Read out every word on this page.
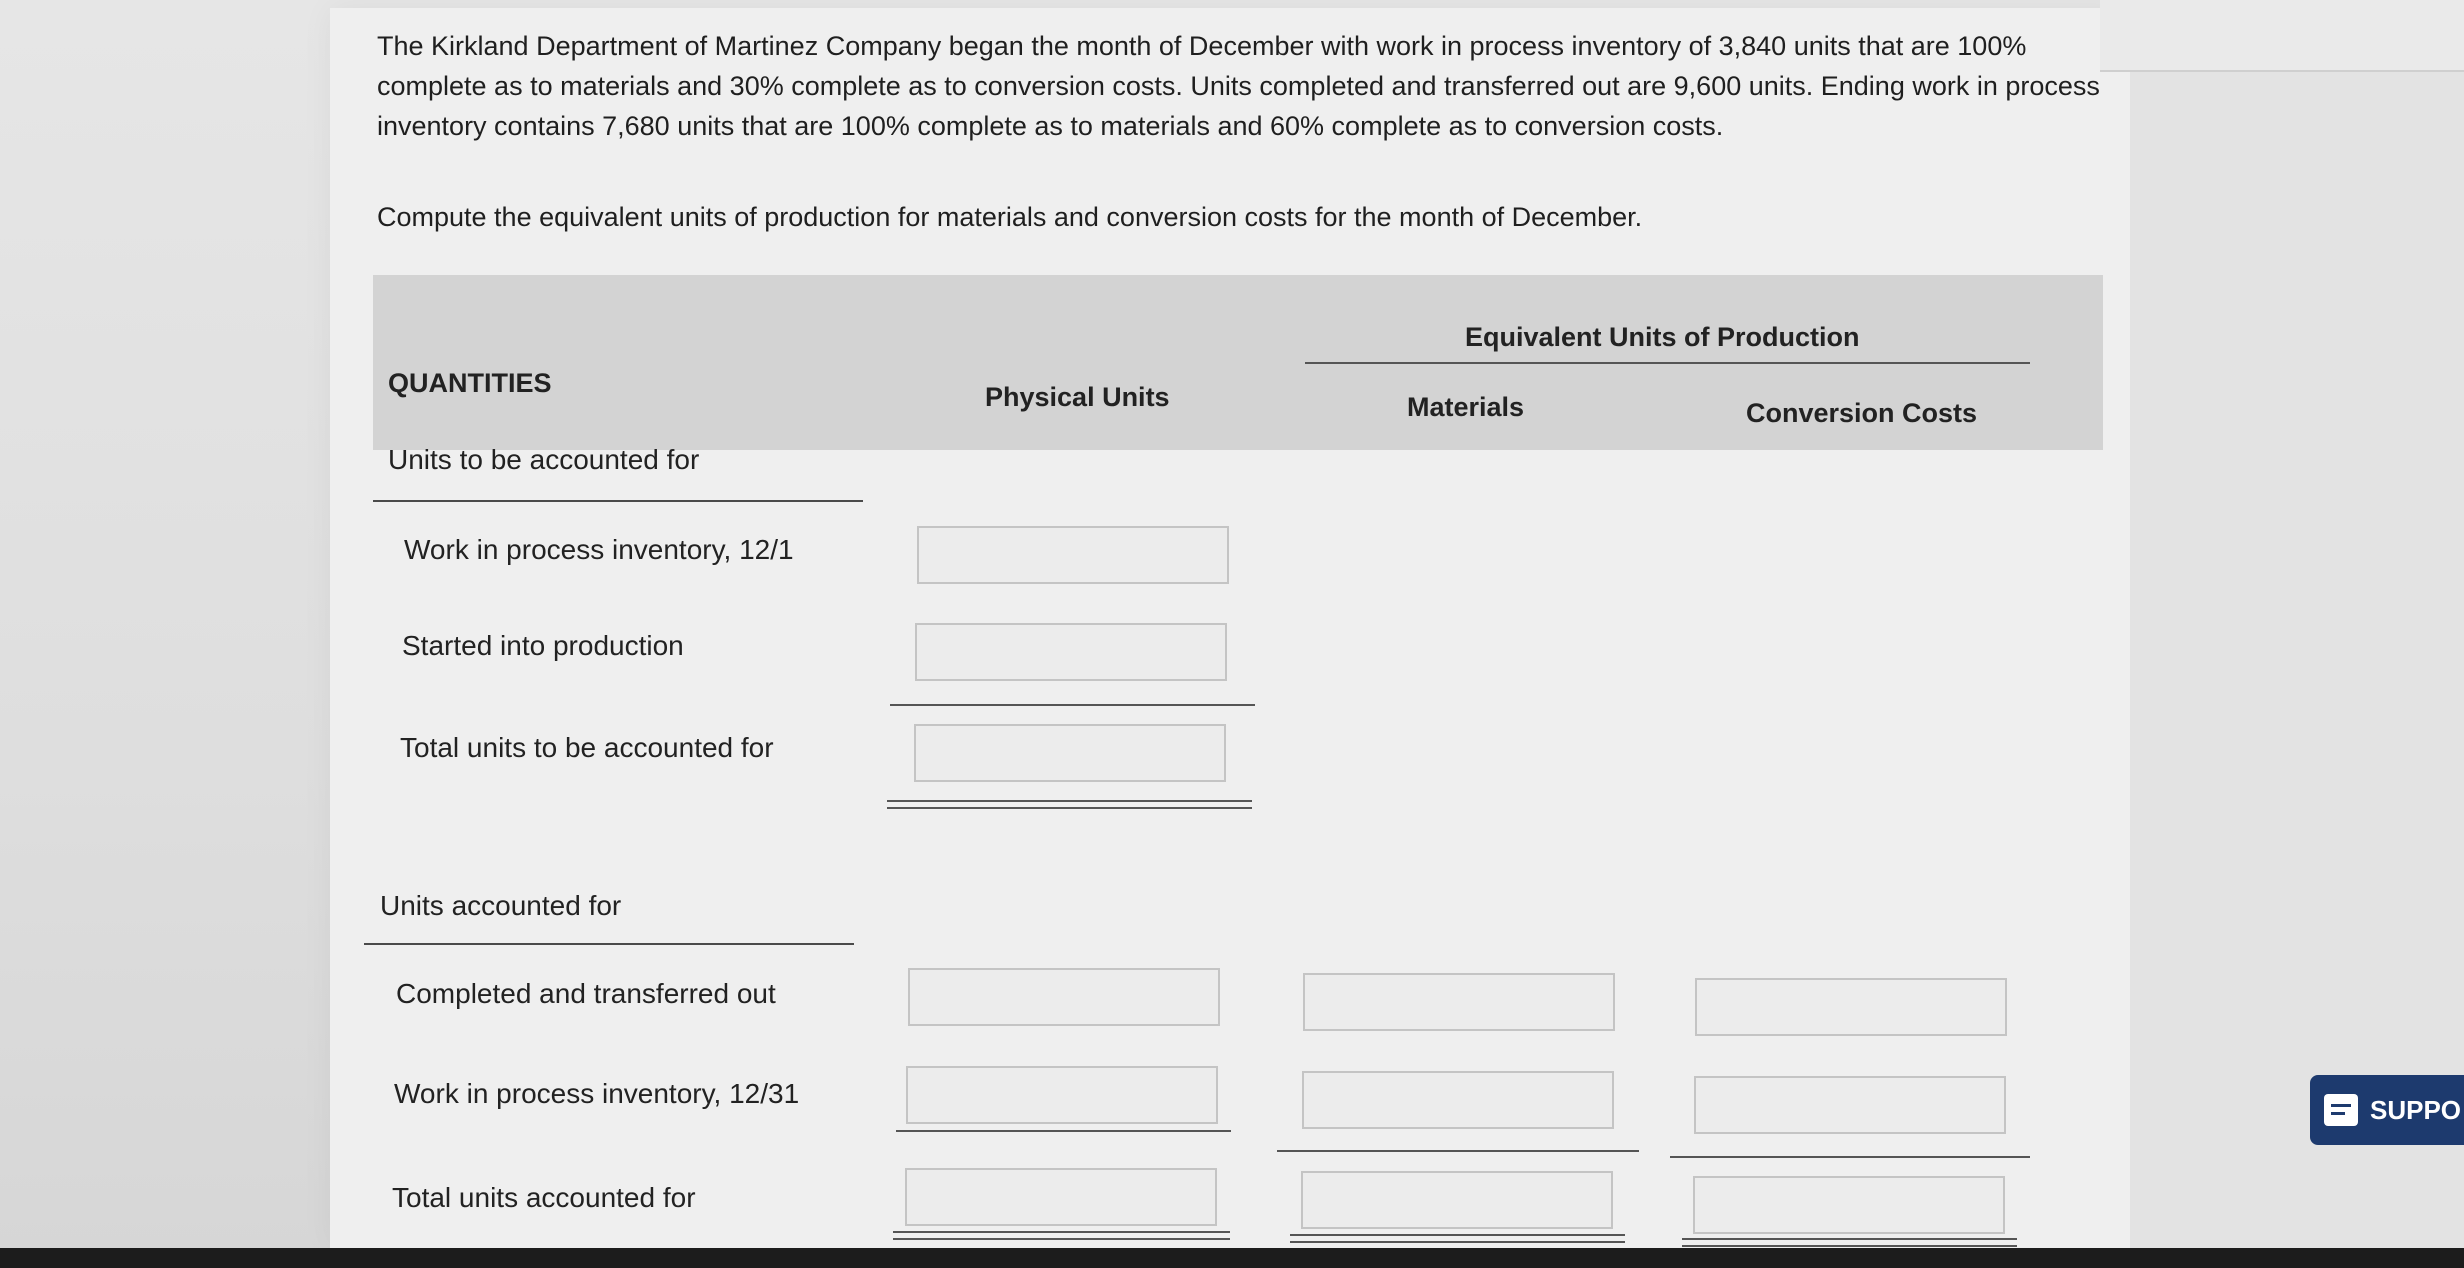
The Kirkland Department of Martinez Company began the month of December with work in process inventory of 3,840 units that are 100% complete as to materials and 30% complete as to conversion costs. Units completed and transferred out are 9,600 units. Ending work in process inventory contains 7,680 units that are 100% complete as to materials and 60% complete as to conversion costs.
Compute the equivalent units of production for materials and conversion costs for the month of December.
QUANTITIES	Physical Units
Equivalent Units of Production
Materials	Conversion Costs
Units to be accounted for
Work in process inventory, 12/1
Started into production
Total units to be accounted for
Units accounted for
Completed and transferred out
Work in process inventory, 12/31
Total units accounted for
SUPPO
